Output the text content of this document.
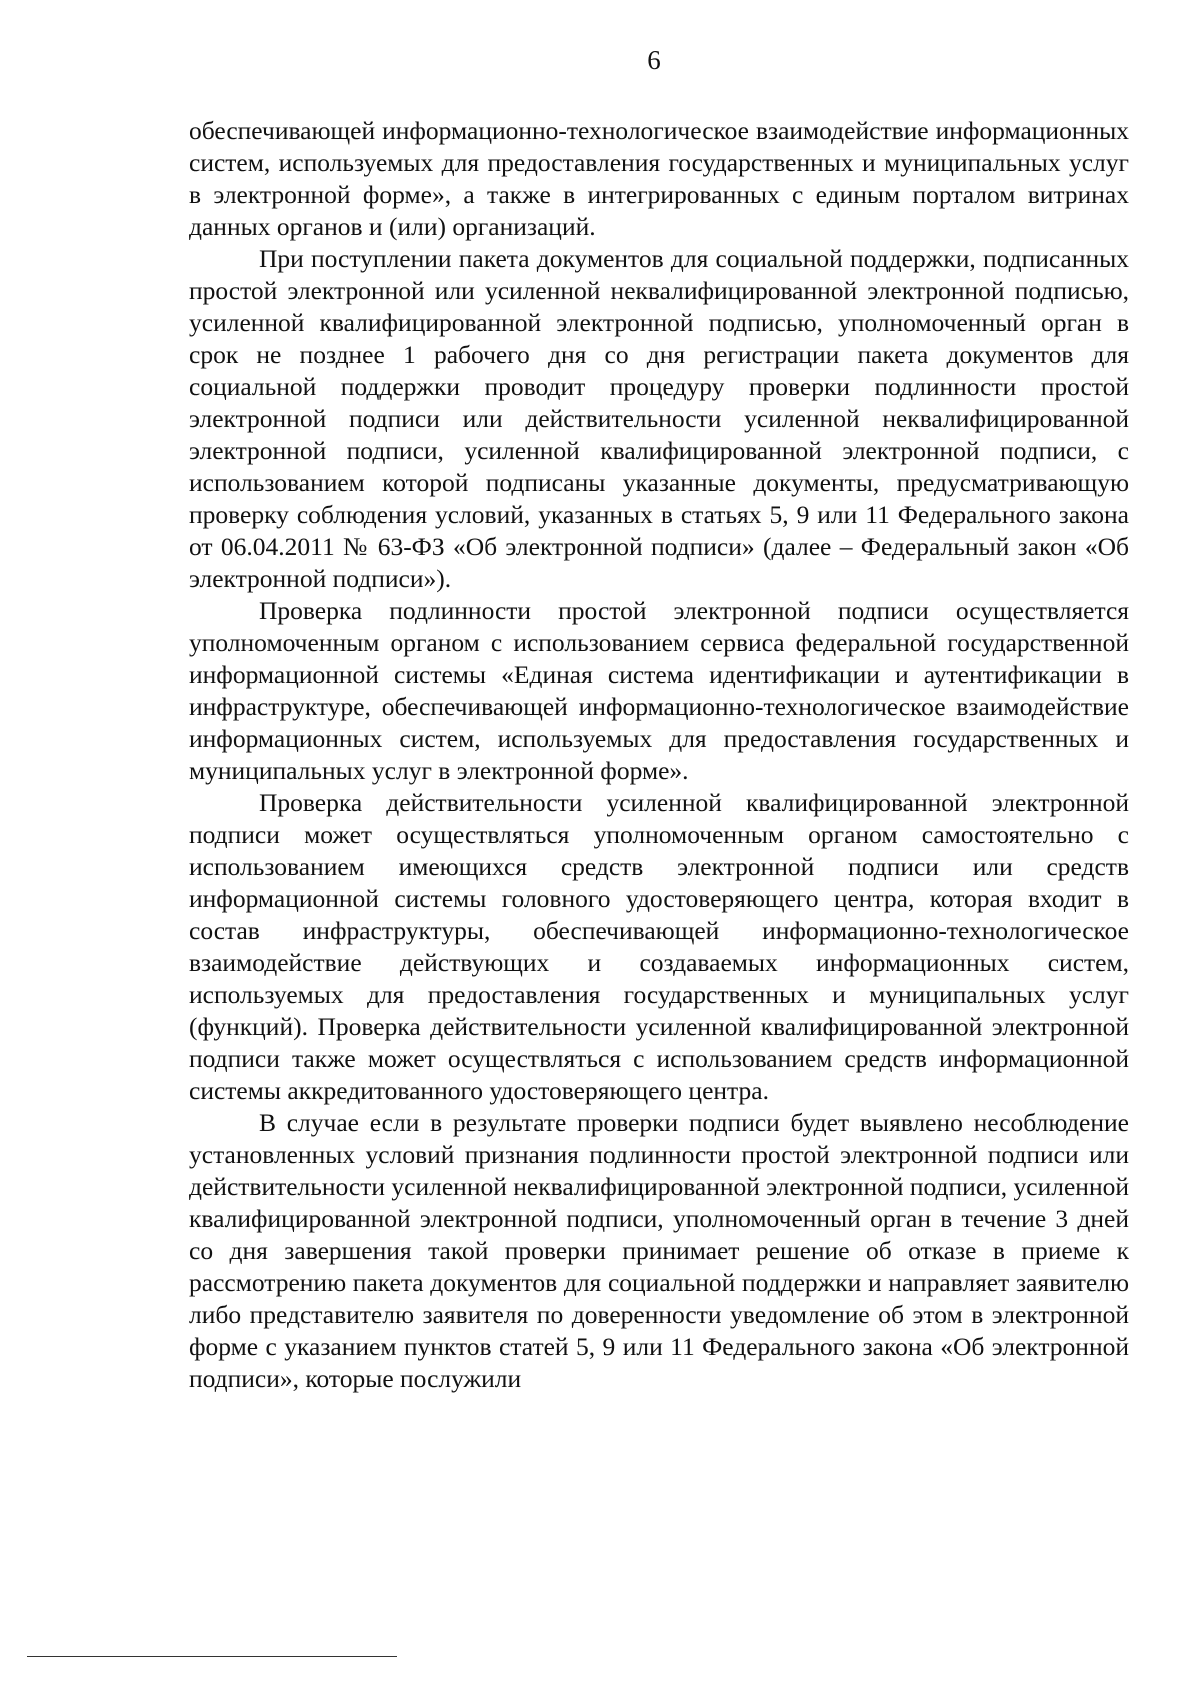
6

обеспечивающей информационно-технологическое взаимодействие информационных систем, используемых для предоставления государственных и муниципальных услуг в электронной форме», а также в интегрированных с единым порталом витринах данных органов и (или) организаций.

При поступлении пакета документов для социальной поддержки, подписанных простой электронной или усиленной неквалифицированной электронной подписью, усиленной квалифицированной электронной подписью, уполномоченный орган в срок не позднее 1 рабочего дня со дня регистрации пакета документов для социальной поддержки проводит процедуру проверки подлинности простой электронной подписи или действительности усиленной неквалифицированной электронной подписи, усиленной квалифицированной электронной подписи, с использованием которой подписаны указанные документы, предусматривающую проверку соблюдения условий, указанных в статьях 5, 9 или 11 Федерального закона от 06.04.2011 № 63-ФЗ «Об электронной подписи» (далее – Федеральный закон «Об электронной подписи»).

Проверка подлинности простой электронной подписи осуществляется уполномоченным органом с использованием сервиса федеральной государственной информационной системы «Единая система идентификации и аутентификации в инфраструктуре, обеспечивающей информационно-технологическое взаимодействие информационных систем, используемых для предоставления государственных и муниципальных услуг в электронной форме».

Проверка действительности усиленной квалифицированной электронной подписи может осуществляться уполномоченным органом самостоятельно с использованием имеющихся средств электронной подписи или средств информационной системы головного удостоверяющего центра, которая входит в состав инфраструктуры, обеспечивающей информационно-технологическое взаимодействие действующих и создаваемых информационных систем, используемых для предоставления государственных и муниципальных услуг (функций). Проверка действительности усиленной квалифицированной электронной подписи также может осуществляться с использованием средств информационной системы аккредитованного удостоверяющего центра.

В случае если в результате проверки подписи будет выявлено несоблюдение установленных условий признания подлинности простой электронной подписи или действительности усиленной неквалифицированной электронной подписи, усиленной квалифицированной электронной подписи, уполномоченный орган в течение 3 дней со дня завершения такой проверки принимает решение об отказе в приеме к рассмотрению пакета документов для социальной поддержки и направляет заявителю либо представителю заявителя по доверенности уведомление об этом в электронной форме с указанием пунктов статей 5, 9 или 11 Федерального закона «Об электронной подписи», которые послужили
